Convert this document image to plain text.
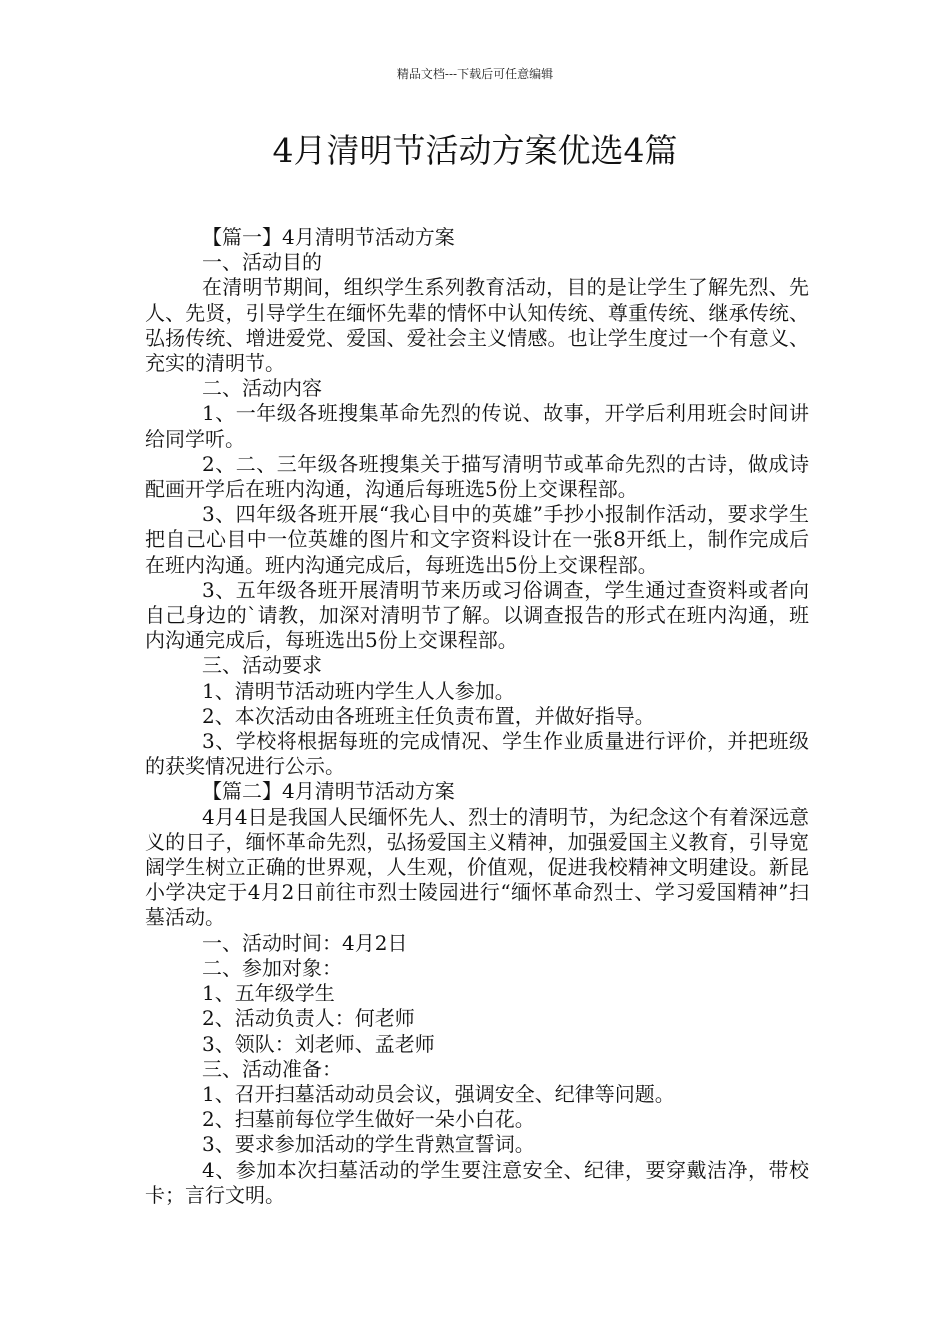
精品文档---下载后可任意编辑
4月清明节活动方案优选4篇

【篇一】4月清明节活动方案

一、活动目的

在清明节期间，组织学生系列教育活动，目的是让学生了解先烈、先人、先贤，引导学生在缅怀先辈的情怀中认知传统、尊重传统、继承传统、弘扬传统、增进爱党、爱国、爱社会主义情感。也让学生度过一个有意义、充实的清明节。

二、活动内容

1、一年级各班搜集革命先烈的传说、故事，开学后利用班会时间讲给同学听。

2、二、三年级各班搜集关于描写清明节或革命先烈的古诗，做成诗配画开学后在班内沟通，沟通后每班选5份上交课程部。

3、四年级各班开展“我心目中的英雄”手抄小报制作活动，要求学生把自己心目中一位英雄的图片和文字资料设计在一张8开纸上，制作完成后在班内沟通。班内沟通完成后，每班选出5份上交课程部。

3、五年级各班开展清明节来历或习俗调查，学生通过查资料或者向自己身边的`请教，加深对清明节了解。以调查报告的形式在班内沟通，班内沟通完成后，每班选出5份上交课程部。

三、活动要求

1、清明节活动班内学生人人参加。

2、本次活动由各班班主任负责布置，并做好指导。

3、学校将根据每班的完成情况、学生作业质量进行评价，并把班级的获奖情况进行公示。

【篇二】4月清明节活动方案

4月4日是我国人民缅怀先人、烈士的清明节，为纪念这个有着深远意义的日子，缅怀革命先烈，弘扬爱国主义精神，加强爱国主义教育，引导宽阔学生树立正确的世界观，人生观，价值观，促进我校精神文明建设。新昆小学决定于4月2日前往市烈士陵园进行“缅怀革命烈士、学习爱国精神”扫墓活动。

一、活动时间：4月2日

二、参加对象：

1、五年级学生

2、活动负责人：何老师

3、领队：刘老师、孟老师

三、活动准备：

1、召开扫墓活动动员会议，强调安全、纪律等问题。

2、扫墓前每位学生做好一朵小白花。

3、要求参加活动的学生背熟宣誓词。

4、参加本次扫墓活动的学生要注意安全、纪律，要穿戴洁净，带校卡；言行文明。
